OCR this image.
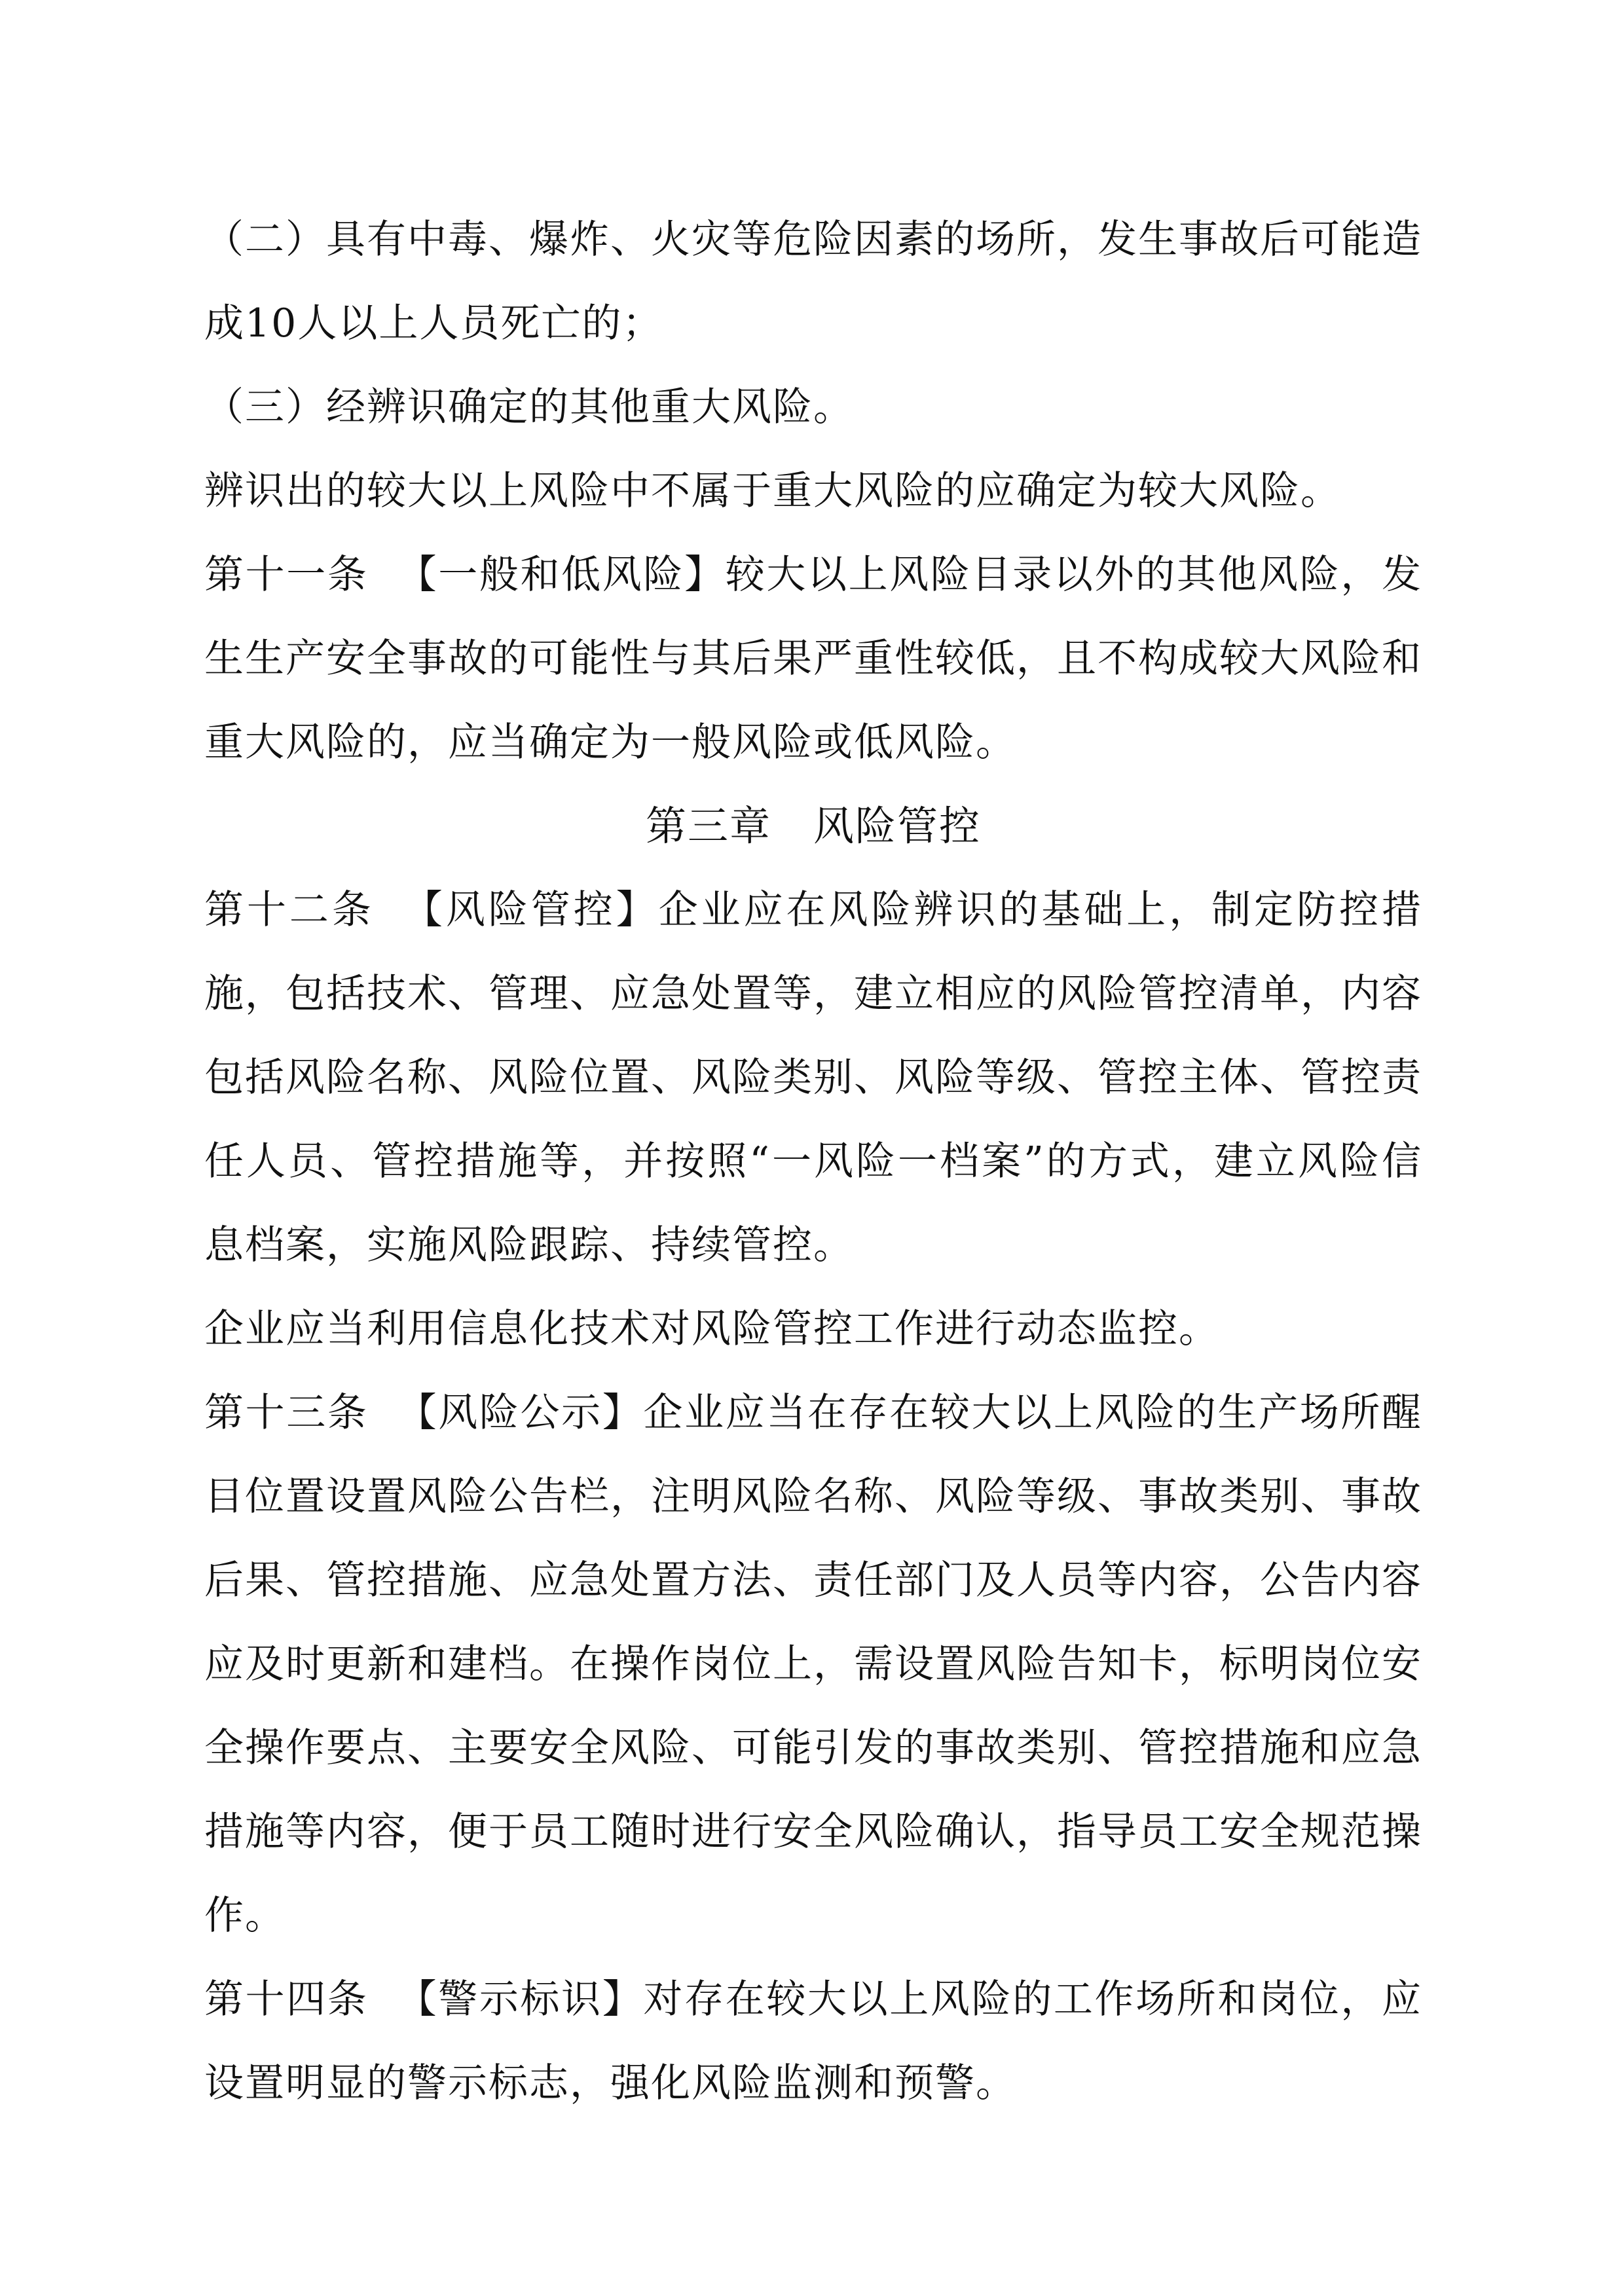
（二）具有中毒、爆炸、火灾等危险因素的场所，发生事故后可能造成10人以上人员死亡的；

（三）经辨识确定的其他重大风险。

辨识出的较大以上风险中不属于重大风险的应确定为较大风险。

第十一条 【一般和低风险】较大以上风险目录以外的其他风险，发生生产安全事故的可能性与其后果严重性较低，且不构成较大风险和重大风险的，应当确定为一般风险或低风险。

第三章　风险管控

第十二条 【风险管控】企业应在风险辨识的基础上，制定防控措施，包括技术、管理、应急处置等，建立相应的风险管控清单，内容包括风险名称、风险位置、风险类别、风险等级、管控主体、管控责任人员、管控措施等，并按照“一风险一档案”的方式，建立风险信息档案，实施风险跟踪、持续管控。

企业应当利用信息化技术对风险管控工作进行动态监控。

第十三条 【风险公示】企业应当在存在较大以上风险的生产场所醒目位置设置风险公告栏，注明风险名称、风险等级、事故类别、事故后果、管控措施、应急处置方法、责任部门及人员等内容，公告内容应及时更新和建档。在操作岗位上，需设置风险告知卡，标明岗位安全操作要点、主要安全风险、可能引发的事故类别、管控措施和应急措施等内容，便于员工随时进行安全风险确认，指导员工安全规范操作。

第十四条 【警示标识】对存在较大以上风险的工作场所和岗位，应设置明显的警示标志，强化风险监测和预警。
